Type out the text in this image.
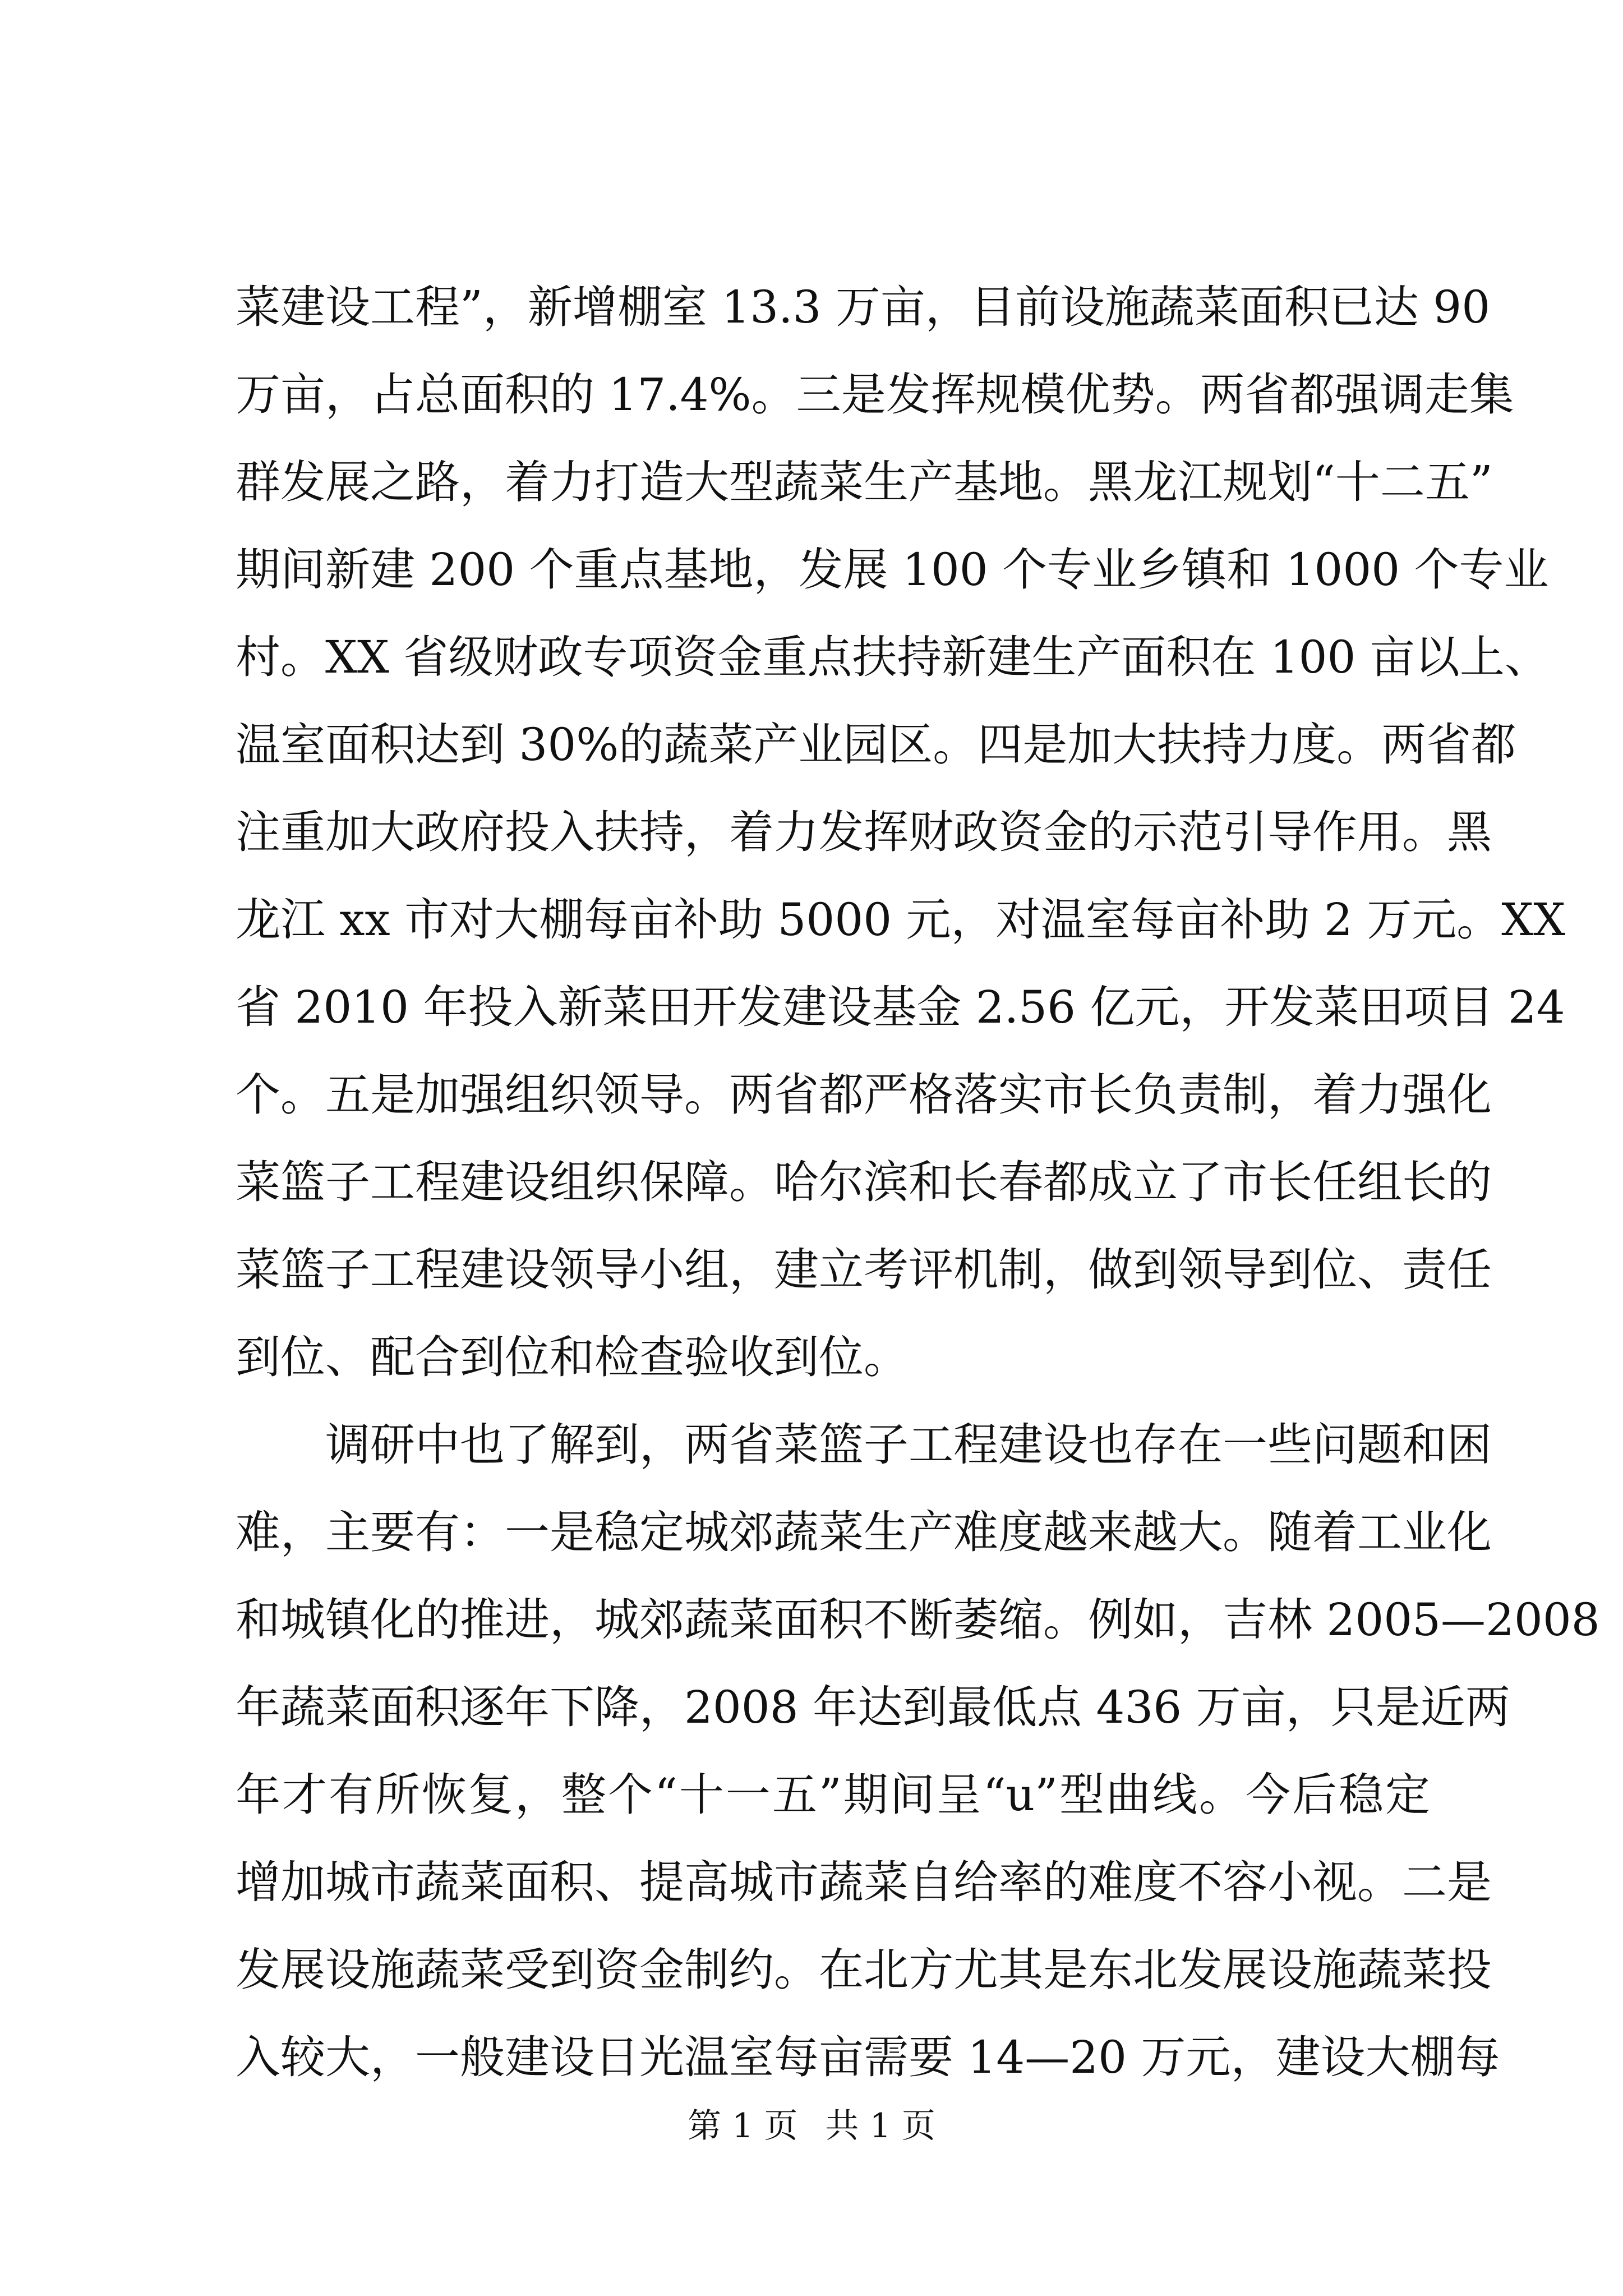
菜建设工程”，新增棚室 13.3 万亩，目前设施蔬菜面积已达 90
万亩，占总面积的 17.4%。三是发挥规模优势。两省都强调走集
群发展之路，着力打造大型蔬菜生产基地。黑龙江规划“十二五”
期间新建 200 个重点基地，发展 100 个专业乡镇和 1000 个专业
村。XX 省级财政专项资金重点扶持新建生产面积在 100 亩以上、
温室面积达到 30%的蔬菜产业园区。四是加大扶持力度。两省都
注重加大政府投入扶持，着力发挥财政资金的示范引导作用。黑
龙江 xx 市对大棚每亩补助 5000 元，对温室每亩补助 2 万元。XX
省 2010 年投入新菜田开发建设基金 2.56 亿元，开发菜田项目 24
个。五是加强组织领导。两省都严格落实市长负责制，着力强化
菜篮子工程建设组织保障。哈尔滨和长春都成立了市长任组长的
菜篮子工程建设领导小组，建立考评机制，做到领导到位、责任
到位、配合到位和检查验收到位。
调研中也了解到，两省菜篮子工程建设也存在一些问题和困
难，主要有：一是稳定城郊蔬菜生产难度越来越大。随着工业化
和城镇化的推进，城郊蔬菜面积不断萎缩。例如，吉林 2005—2008
年蔬菜面积逐年下降，2008 年达到最低点 436 万亩，只是近两
年才有所恢复，整个“十一五”期间呈“u”型曲线。今后稳定
增加城市蔬菜面积、提高城市蔬菜自给率的难度不容小视。二是
发展设施蔬菜受到资金制约。在北方尤其是东北发展设施蔬菜投
入较大，一般建设日光温室每亩需要 14—20 万元，建设大棚每
第 1 页 共 1 页
